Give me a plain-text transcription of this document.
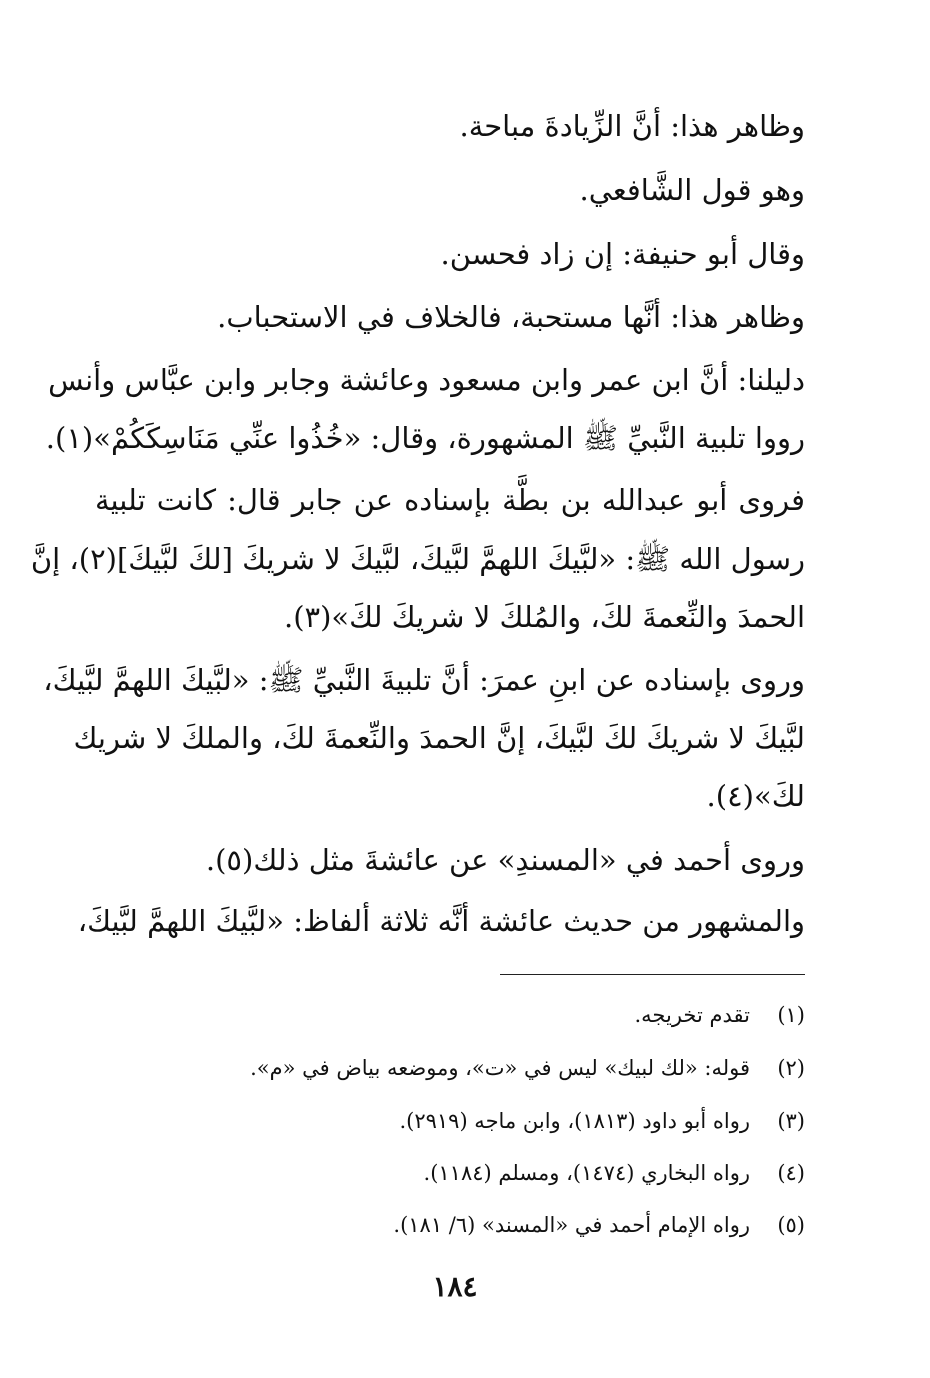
وظاهر هذا: أنَّ الزِّيادةَ مباحة.
وهو قول الشَّافعي.
وقال أبو حنيفة: إن زاد فحسن.
وظاهر هذا: أنَّها مستحبة، فالخلاف في الاستحباب.
دليلنا: أنَّ ابن عمر وابن مسعود وعائشة وجابر وابن عبَّاس وأنس
رووا تلبية النَّبيِّ ﷺ المشهورة، وقال: «خُذُوا عنِّي مَنَاسِكَكُمْ»(١).
فروى أبو عبدالله بن بطَّة بإسناده عن جابر قال: كانت تلبية
رسول الله ﷺ: «لبَّيكَ اللهمَّ لبَّيكَ، لبَّيكَ لا شريكَ [لكَ لبَّيكَ](٢)، إنَّ
الحمدَ والنِّعمةَ لكَ، والمُلكَ لا شريكَ لكَ»(٣).
وروى بإسناده عن ابنِ عمرَ: أنَّ تلبيةَ النَّبيِّ ﷺ: «لبَّيكَ اللهمَّ لبَّيكَ،
لبَّيكَ لا شريكَ لكَ لبَّيكَ، إنَّ الحمدَ والنِّعمةَ لكَ، والملكَ لا شريك
لكَ»(٤).
وروى أحمد في «المسندِ» عن عائشةَ مثل ذلك(٥).
والمشهور من حديث عائشة أنَّه ثلاثة ألفاظ: «لبَّيكَ اللهمَّ لبَّيكَ،
(١)تقدم تخريجه.
(٢)قوله: «لك لبيك» ليس في «ت»، وموضعه بياض في «م».
(٣)رواه أبو داود (١٨١٣)، وابن ماجه (٢٩١٩).
(٤)رواه البخاري (١٤٧٤)، ومسلم (١١٨٤).
(٥)رواه الإمام أحمد في «المسند» (٦/ ١٨١).
١٨٤
